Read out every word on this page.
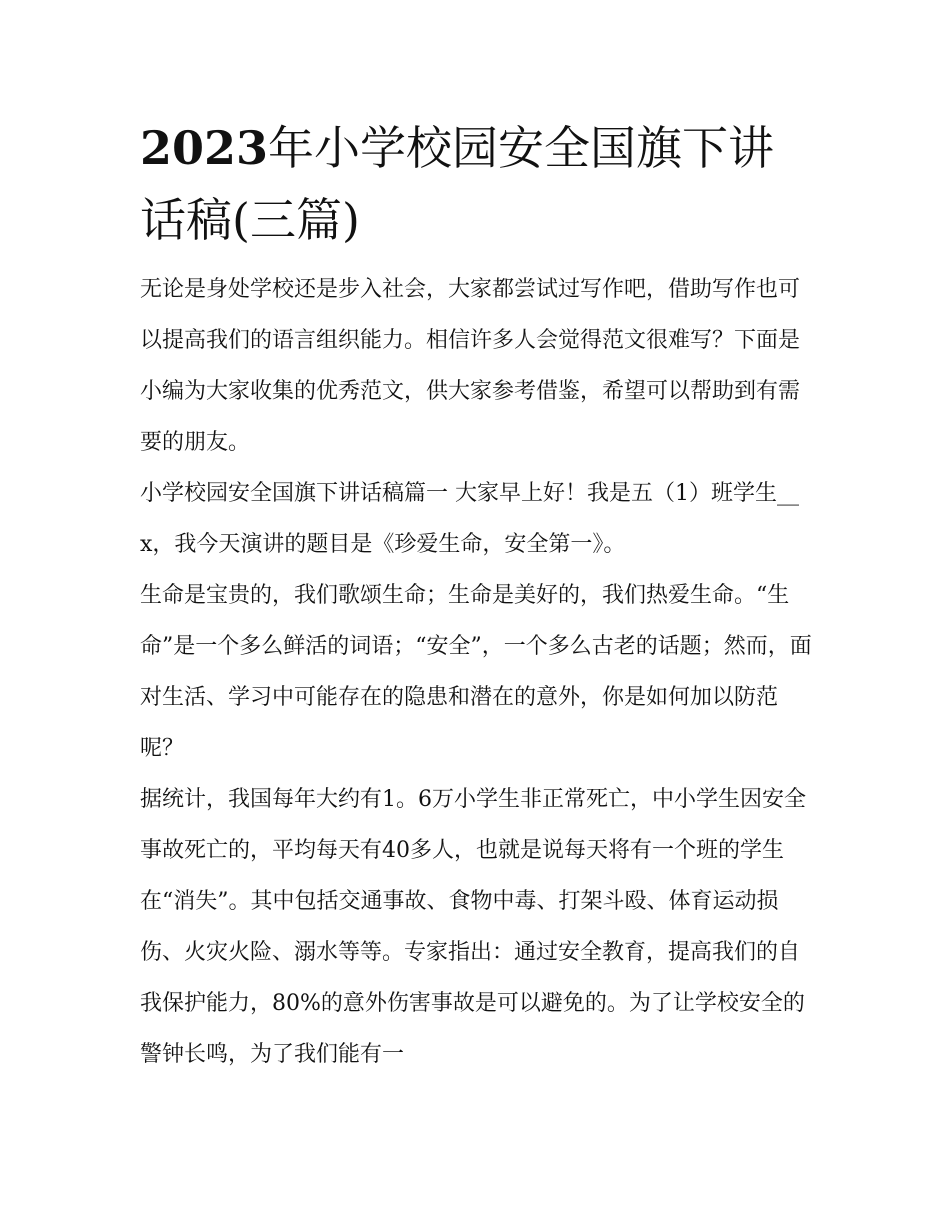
2023年小学校园安全国旗下讲话稿(三篇)

无论是身处学校还是步入社会，大家都尝试过写作吧，借助写作也可以提高我们的语言组织能力。相信许多人会觉得范文很难写？下面是小编为大家收集的优秀范文，供大家参考借鉴，希望可以帮助到有需要的朋友。

小学校园安全国旗下讲话稿篇一 大家早上好！我是五（1）班学生__x，我今天演讲的题目是《珍爱生命，安全第一》。

生命是宝贵的，我们歌颂生命；生命是美好的，我们热爱生命。“生命”是一个多么鲜活的词语；“安全”，一个多么古老的话题；然而，面对生活、学习中可能存在的隐患和潜在的意外，你是如何加以防范呢？

据统计，我国每年大约有1。6万小学生非正常死亡，中小学生因安全事故死亡的，平均每天有40多人，也就是说每天将有一个班的学生在“消失”。其中包括交通事故、食物中毒、打架斗殴、体育运动损伤、火灾火险、溺水等等。专家指出：通过安全教育，提高我们的自我保护能力，80%的意外伤害事故是可以避免的。为了让学校安全的警钟长鸣，为了我们能有一
